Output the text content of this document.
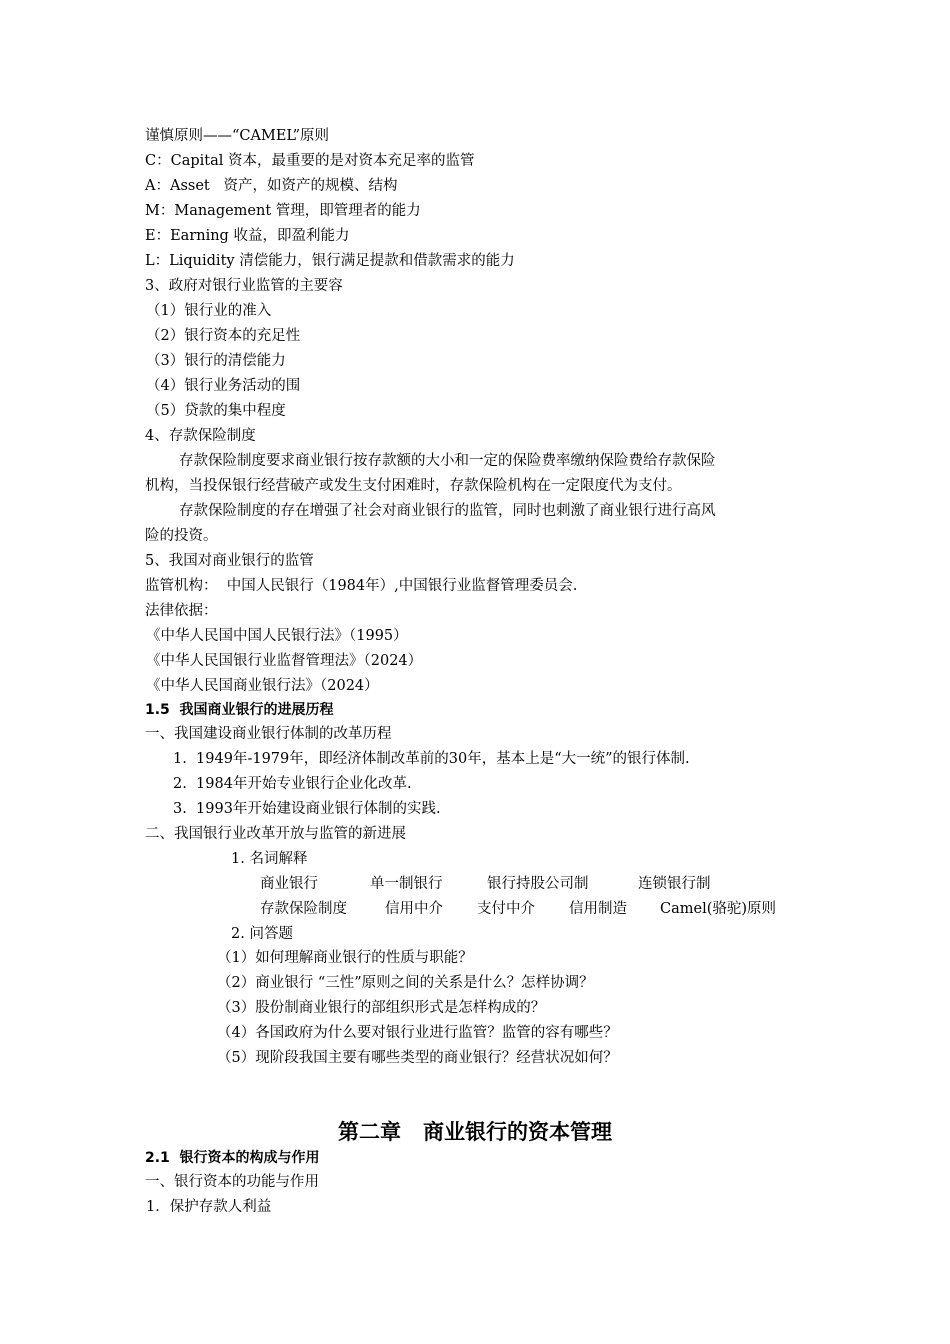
谨慎原则——“CAMEL”原则
C：Capital 资本，最重要的是对资本充足率的监管
A：Asset   资产，如资产的规模、结构
M：Management 管理，即管理者的能力
E：Earning 收益，即盈利能力
L：Liquidity 清偿能力，银行满足提款和借款需求的能力
3、政府对银行业监管的主要容
（1）银行业的准入
（2）银行资本的充足性
（3）银行的清偿能力
（4）银行业务活动的围
（5）贷款的集中程度
4、存款保险制度
存款保险制度要求商业银行按存款额的大小和一定的保险费率缴纳保险费给存款保险
机构，当投保银行经营破产或发生支付困难时，存款保险机构在一定限度代为支付。
存款保险制度的存在增强了社会对商业银行的监管，同时也刺激了商业银行进行高风
险的投资。
5、我国对商业银行的监管
监管机构：  中国人民银行（1984年）,中国银行业监督管理委员会.
法律依据：
《中华人民国中国人民银行法》（1995）
《中华人民国银行业监督管理法》（2024）
《中华人民国商业银行法》（2024）
1.5  我国商业银行的进展历程
一、我国建设商业银行体制的改革历程
1.  1949年-1979年，即经济体制改革前的30年，基本上是“大一统”的银行体制.
2.  1984年开始专业银行企业化改革.
3.  1993年开始建设商业银行体制的实践.
二、我国银行业改革开放与监管的新进展
1. 名词解释
商业银行	单一制银行	银行持股公司制	连锁银行制
存款保险制度	信用中介 支付中介 信用制造 Camel(骆驼)原则
2. 问答题
（1）如何理解商业银行的性质与职能？
（2）商业银行 “三性”原则之间的关系是什么？怎样协调？
（3）股份制商业银行的部组织形式是怎样构成的？
（4）各国政府为什么要对银行业进行监管？监管的容有哪些？
（5）现阶段我国主要有哪些类型的商业银行？经营状况如何？
第二章   商业银行的资本管理
2.1  银行资本的构成与作用
一、银行资本的功能与作用
1．保护存款人利益
